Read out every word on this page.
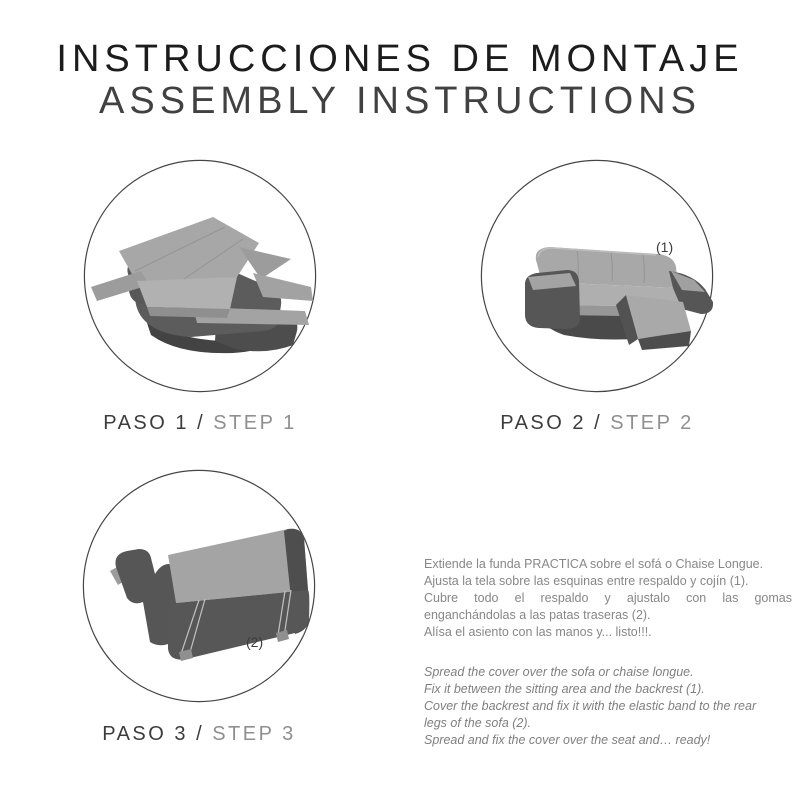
INSTRUCCIONES DE MONTAJE
ASSEMBLY INSTRUCTIONS
(1)
(2)
PASO 1 / STEP 1	PASO 2 / STEP 2
PASO 3 / STEP 3
Extiende la funda PRACTICA sobre el sofá o Chaise Longue.
Ajusta la tela sobre las esquinas entre respaldo y cojín (1).
Cubre todo el respaldo y ajustalo con las gomas
enganchándolas a las patas traseras (2).
Alísa el asiento con las manos y... listo!!!.
Spread the cover over the sofa or chaise longue.
Fix it between the sitting area and the backrest (1).
Cover the backrest and fix it with the elastic band to the rear
legs of the sofa (2).
Spread and fix the cover over the seat and… ready!
